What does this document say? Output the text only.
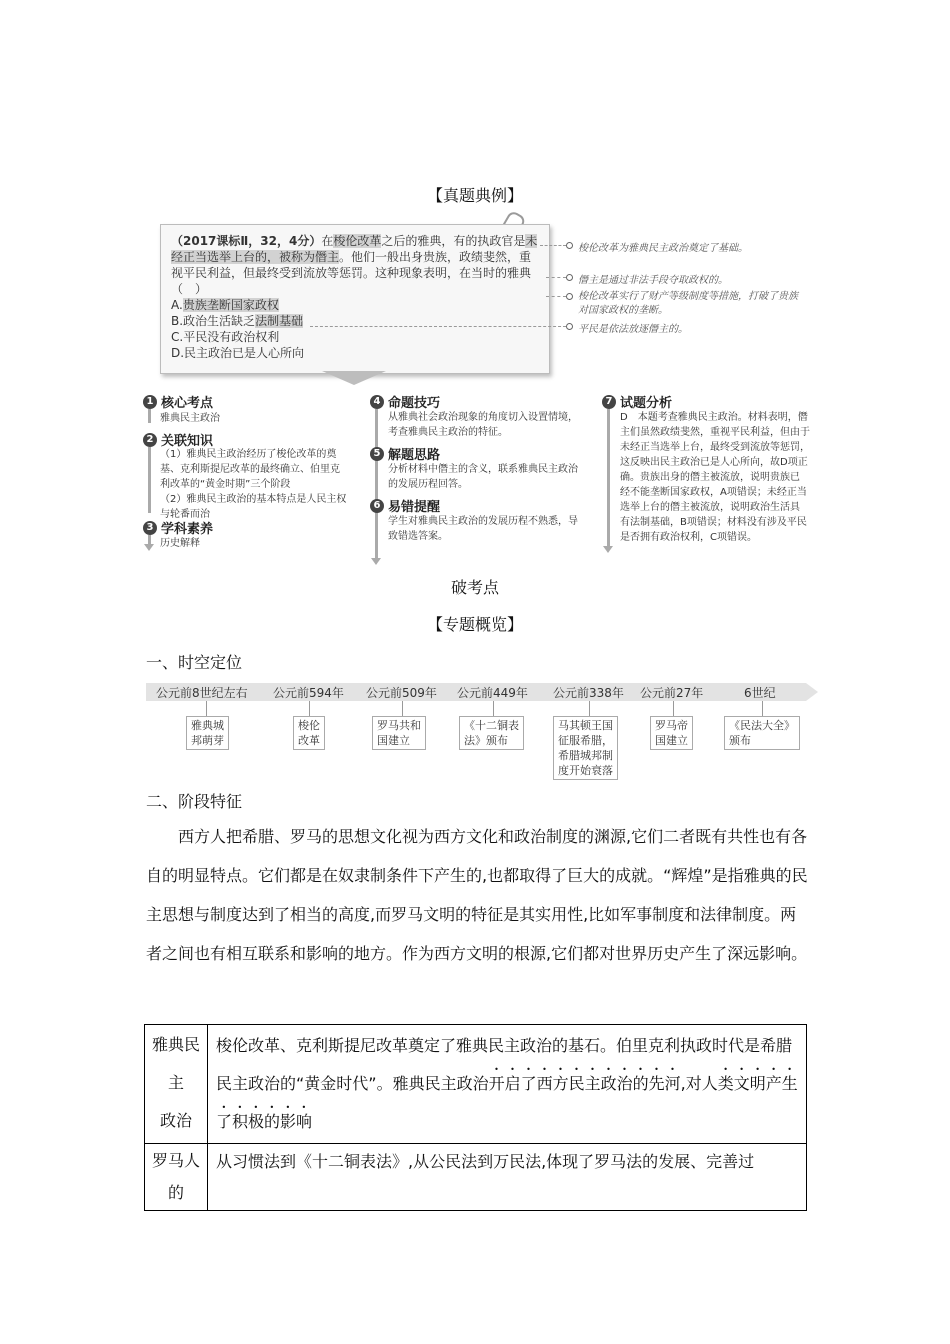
【真题典例】
（2017课标Ⅱ，32，4分）在梭伦改革之后的雅典，有的执政官是未经正当选举上台的，被称为僭主。他们一般出身贵族，政绩斐然，重视平民利益，但最终受到流放等惩罚。这种现象表明，在当时的雅典（　）
A.贵族垄断国家政权
B.政治生活缺乏法制基础
C.平民没有政治权利
D.民主政治已是人心所向
梭伦改革为雅典民主政治奠定了基础。
僭主是通过非法手段夺取政权的。
梭伦改革实行了财产等级制度等措施，打破了贵族对国家政权的垄断。
平民是依法放逐僭主的。
1 核心考点
雅典民主政治
2 关联知识
（1）雅典民主政治经历了梭伦改革的奠
基、克利斯提尼改革的最终确立、伯里克
利改革的“黄金时期”三个阶段
（2）雅典民主政治的基本特点是人民主权
与轮番而治
3 学科素养
历史解释
4 命题技巧
从雅典社会政治现象的角度切入设置情境，
考查雅典民主政治的特征。
5 解题思路
分析材料中僭主的含义，联系雅典民主政治
的发展历程回答。
6 易错提醒
学生对雅典民主政治的发展历程不熟悉，导
致错选答案。
7 试题分析
D　本题考查雅典民主政治。材料表明，僭
主们虽然政绩斐然，重视平民利益，但由于
未经正当选举上台，最终受到流放等惩罚，
这反映出民主政治已是人心所向，故D项正
确。贵族出身的僭主被流放，说明贵族已
经不能垄断国家政权，A项错误；未经正当
选举上台的僭主被流放，说明政治生活具
有法制基础，B项错误；材料没有涉及平民
是否拥有政治权利，C项错误。
破考点
【专题概览】
一、时空定位
公元前8世纪左右
雅典城
邦萌芽
公元前594年
梭伦
改革
公元前509年
罗马共和
国建立
公元前449年
《十二铜表
法》颁布
公元前338年
马其顿王国
征服希腊，
希腊城邦制
度开始衰落
公元前27年
罗马帝
国建立
6世纪
《民法大全》
颁布
二、阶段特征
西方人把希腊、罗马的思想文化视为西方文化和政治制度的渊源,它们二者既有共性也有各自的明显特点。它们都是在奴隶制条件下产生的,也都取得了巨大的成就。“辉煌”是指雅典的民主思想与制度达到了相当的高度,而罗马文明的特征是其实用性,比如军事制度和法律制度。两者之间也有相互联系和影响的地方。作为西方文明的根源,它们都对世界历史产生了深远影响。
雅典民
主
政治	梭伦改革、克利斯提尼改革奠定了雅典民主政治的基石。伯里克利执政时代是希腊民主政治的“黄金时代”。雅典民主政治开启了西方民主政治的先河,对人类文明产生了积极的影响

罗马人
的	从习惯法到《十二铜表法》,从公民法到万民法,体现了罗马法的发展、完善过
